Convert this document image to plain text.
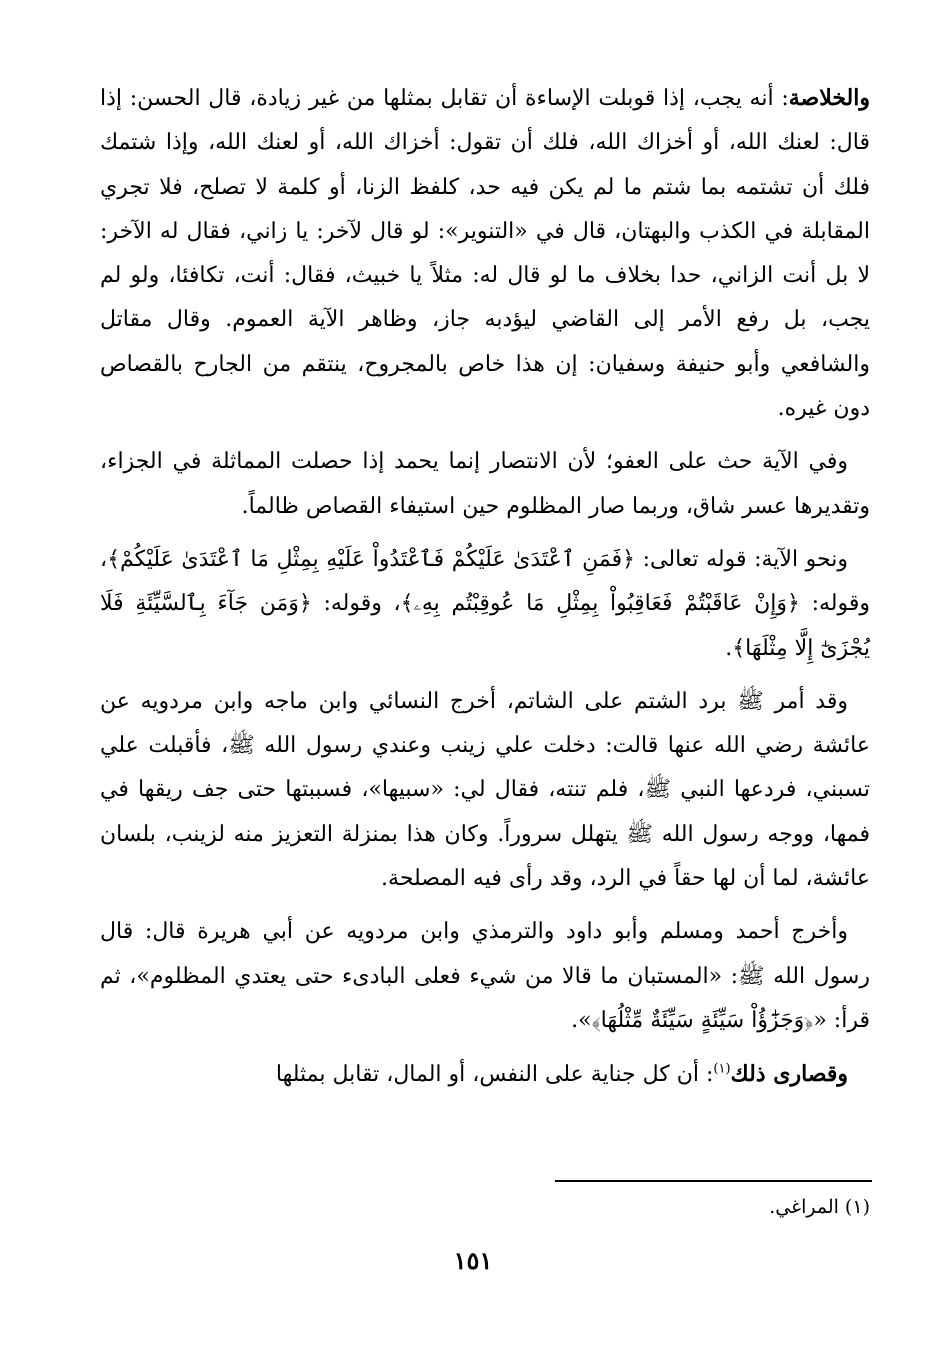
والخلاصة: أنه يجب، إذا قوبلت الإساءة أن تقابل بمثلها من غير زيادة، قال الحسن: إذا قال: لعنك الله، أو أخزاك الله، فلك أن تقول: أخزاك الله، أو لعنك الله، وإذا شتمك فلك أن تشتمه بما شتم ما لم يكن فيه حد، كلفظ الزنا، أو كلمة لا تصلح، فلا تجري المقابلة في الكذب والبهتان، قال في «التنوير»: لو قال لآخر: يا زاني، فقال له الآخر: لا بل أنت الزاني، حدا بخلاف ما لو قال له: مثلاً يا خبيث، فقال: أنت، تكافئا، ولو لم يجب، بل رفع الأمر إلى القاضي ليؤدبه جاز، وظاهر الآية العموم. وقال مقاتل والشافعي وأبو حنيفة وسفيان: إن هذا خاص بالمجروح، ينتقم من الجارح بالقصاص دون غيره.

وفي الآية حث على العفو؛ لأن الانتصار إنما يحمد إذا حصلت المماثلة في الجزاء، وتقديرها عسر شاق، وربما صار المظلوم حين استيفاء القصاص ظالماً.

ونحو الآية: قوله تعالى: ﴿فَمَنِ ٱعْتَدَىٰ عَلَيْكُمْ فَٱعْتَدُواْ عَلَيْهِ بِمِثْلِ مَا ٱعْتَدَىٰ عَلَيْكُمْ﴾، وقوله: ﴿وَإِنْ عَاقَبْتُمْ فَعَاقِبُواْ بِمِثْلِ مَا عُوقِبْتُم بِهِۦ﴾، وقوله: ﴿وَمَن جَآءَ بِٱلسَّيِّئَةِ فَلَا يُجْزَىٰٓ إِلَّا مِثْلَهَا﴾.

وقد أمر ﷺ برد الشتم على الشاتم، أخرج النسائي وابن ماجه وابن مردويه عن عائشة رضي الله عنها قالت: دخلت علي زينب وعندي رسول الله ﷺ، فأقبلت علي تسبني، فردعها النبي ﷺ، فلم تنته، فقال لي: «سبيها»، فسببتها حتى جف ريقها في فمها، ووجه رسول الله ﷺ يتهلل سروراً. وكان هذا بمنزلة التعزيز منه لزينب، بلسان عائشة، لما أن لها حقاً في الرد، وقد رأى فيه المصلحة.

وأخرج أحمد ومسلم وأبو داود والترمذي وابن مردويه عن أبي هريرة قال: قال رسول الله ﷺ: «المستبان ما قالا من شيء فعلى البادىء حتى يعتدي المظلوم»، ثم قرأ: «﴿وَجَزَٰٓؤُاْ سَيِّئَةٍ سَيِّئَةٌ مِّثْلُهَا﴾».

وقصارى ذلك$^{(١)}$: أن كل جناية على النفس، أو المال، تقابل بمثلها

(١) المراغي.
١٥١
